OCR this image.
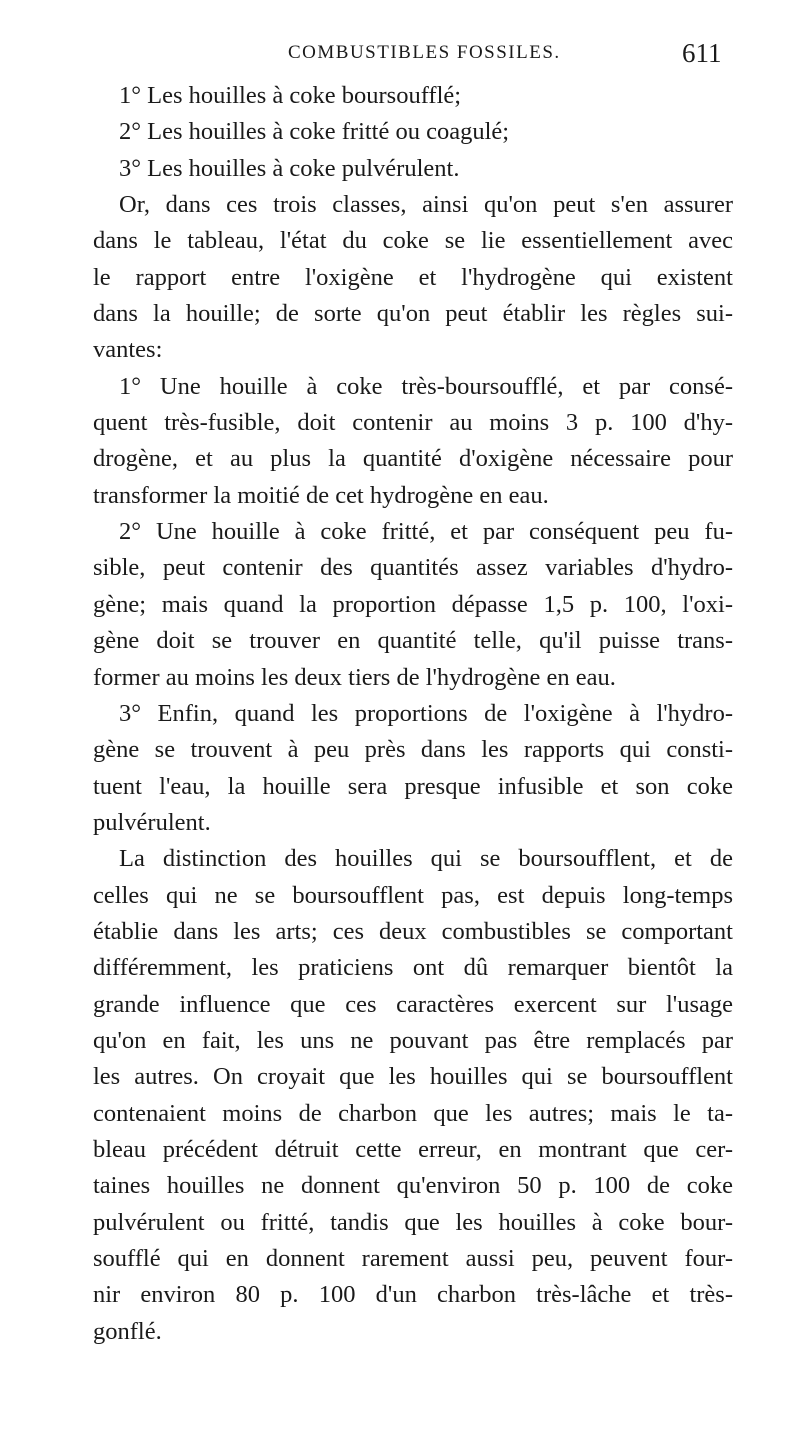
COMBUSTIBLES FOSSILES.	611
1° Les houilles à coke boursoufflé;
2° Les houilles à coke fritté ou coagulé;
3° Les houilles à coke pulvérulent.
Or, dans ces trois classes, ainsi qu'on peut s'en assurer
dans le tableau, l'état du coke se lie essentiellement avec
le rapport entre l'oxigène et l'hydrogène qui existent
dans la houille; de sorte qu'on peut établir les règles sui-
vantes:
1° Une houille à coke très-boursoufflé, et par consé-
quent très-fusible, doit contenir au moins 3 p. 100 d'hy-
drogène, et au plus la quantité d'oxigène nécessaire pour
transformer la moitié de cet hydrogène en eau.
2° Une houille à coke fritté, et par conséquent peu fu-
sible, peut contenir des quantités assez variables d'hydro-
gène; mais quand la proportion dépasse 1,5 p. 100, l'oxi-
gène doit se trouver en quantité telle, qu'il puisse trans-
former au moins les deux tiers de l'hydrogène en eau.
3° Enfin, quand les proportions de l'oxigène à l'hydro-
gène se trouvent à peu près dans les rapports qui consti-
tuent l'eau, la houille sera presque infusible et son coke
pulvérulent.
La distinction des houilles qui se boursoufflent, et de
celles qui ne se boursoufflent pas, est depuis long-temps
établie dans les arts; ces deux combustibles se comportant
différemment, les praticiens ont dû remarquer bientôt la
grande influence que ces caractères exercent sur l'usage
qu'on en fait, les uns ne pouvant pas être remplacés par
les autres. On croyait que les houilles qui se boursoufflent
contenaient moins de charbon que les autres; mais le ta-
bleau précédent détruit cette erreur, en montrant que cer-
taines houilles ne donnent qu'environ 50 p. 100 de coke
pulvérulent ou fritté, tandis que les houilles à coke bour-
soufflé qui en donnent rarement aussi peu, peuvent four-
nir environ 80 p. 100 d'un charbon très-lâche et très-
gonflé.
